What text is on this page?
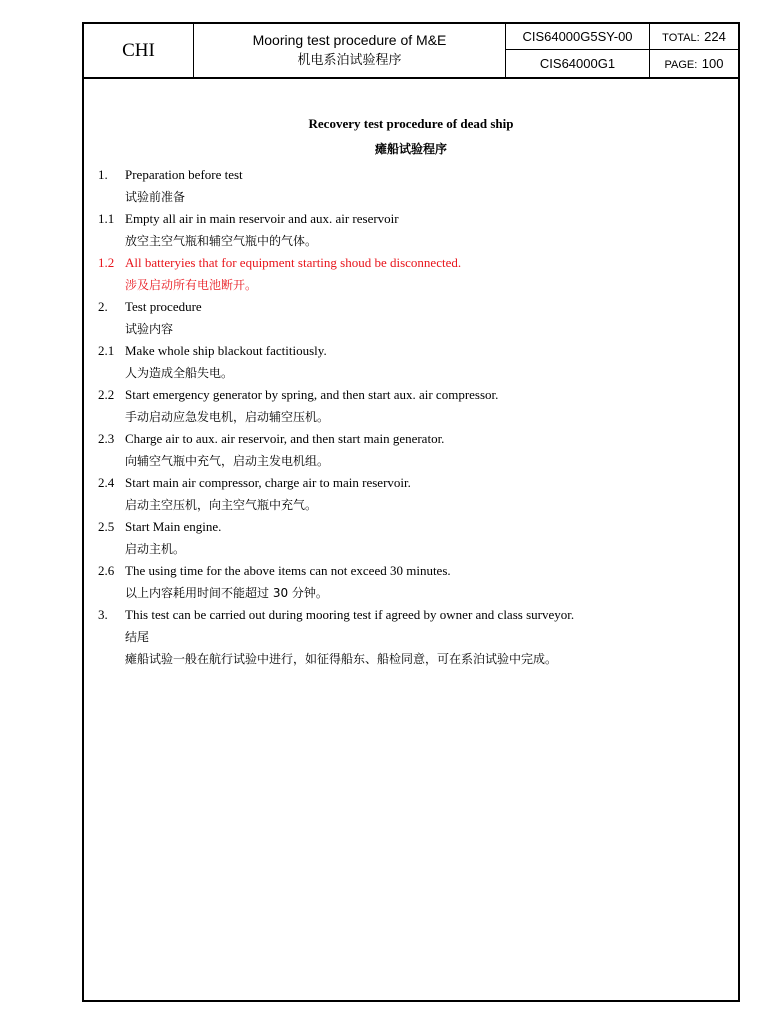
CHI	Mooring test procedure of M&E
机电系泊试验程序
CIS64000G5SY-00
CIS64000G1
TOTAL: 224
PAGE: 100
Recovery test procedure of dead ship
瘫船试验程序
1. Preparation before test
试验前准备
1.1 Empty all air in main reservoir and aux. air reservoir
放空主空气瓶和辅空气瓶中的气体。
1.2 All batteryies that for equipment starting shoud be disconnected.
涉及启动所有电池断开。
2. Test procedure
试验内容
2.1 Make whole ship blackout factitiously.
人为造成全船失电。
2.2 Start emergency generator by spring, and then start aux. air compressor.
手动启动应急发电机，启动辅空压机。
2.3 Charge air to aux. air reservoir, and then start main generator.
向辅空气瓶中充气，启动主发电机组。
2.4 Start main air compressor, charge air to main reservoir.
启动主空压机，向主空气瓶中充气。
2.5 Start Main engine.
启动主机。
2.6 The using time for the above items can not exceed 30 minutes.
以上内容耗用时间不能超过 30 分钟。
3. This test can be carried out during mooring test if agreed by owner and class surveyor.
结尾
瘫船试验一般在航行试验中进行，如征得船东、船检同意，可在系泊试验中完成。
